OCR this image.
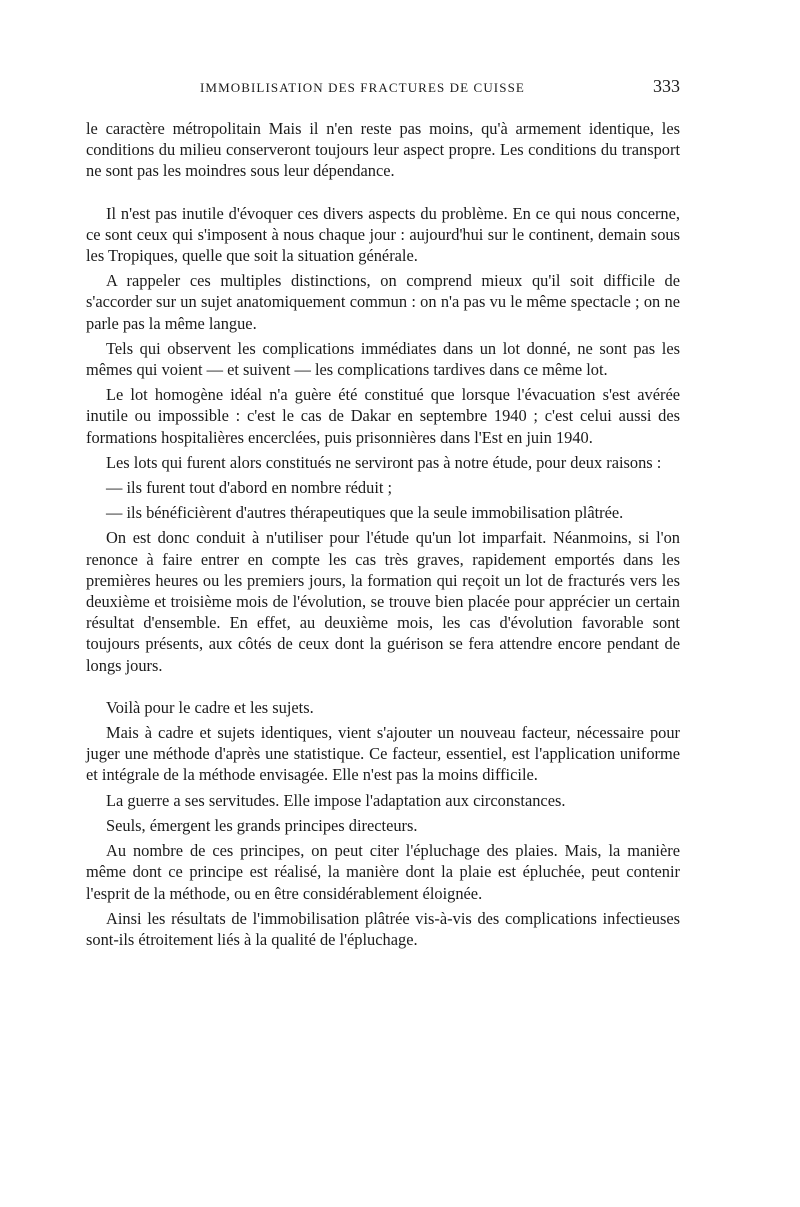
IMMOBILISATION DES FRACTURES DE CUISSE	333

le caractère métropolitain Mais il n'en reste pas moins, qu'à armement identique, les conditions du milieu conserveront toujours leur aspect propre. Les conditions du transport ne sont pas les moindres sous leur dépendance.

Il n'est pas inutile d'évoquer ces divers aspects du problème. En ce qui nous concerne, ce sont ceux qui s'imposent à nous chaque jour : aujourd'hui sur le continent, demain sous les Tropiques, quelle que soit la situation générale.

A rappeler ces multiples distinctions, on comprend mieux qu'il soit difficile de s'accorder sur un sujet anatomiquement commun : on n'a pas vu le même spectacle ; on ne parle pas la même langue.

Tels qui observent les complications immédiates dans un lot donné, ne sont pas les mêmes qui voient — et suivent — les complications tardives dans ce même lot.

Le lot homogène idéal n'a guère été constitué que lorsque l'évacuation s'est avérée inutile ou impossible : c'est le cas de Dakar en septembre 1940 ; c'est celui aussi des formations hospitalières encerclées, puis prisonnières dans l'Est en juin 1940.

Les lots qui furent alors constitués ne serviront pas à notre étude, pour deux raisons :

— ils furent tout d'abord en nombre réduit ;

— ils bénéficièrent d'autres thérapeutiques que la seule immobilisation plâtrée.

On est donc conduit à n'utiliser pour l'étude qu'un lot imparfait. Néanmoins, si l'on renonce à faire entrer en compte les cas très graves, rapidement emportés dans les premières heures ou les premiers jours, la formation qui reçoit un lot de fracturés vers les deuxième et troisième mois de l'évolution, se trouve bien placée pour apprécier un certain résultat d'ensemble. En effet, au deuxième mois, les cas d'évolution favorable sont toujours présents, aux côtés de ceux dont la guérison se fera attendre encore pendant de longs jours.

Voilà pour le cadre et les sujets.

Mais à cadre et sujets identiques, vient s'ajouter un nouveau facteur, nécessaire pour juger une méthode d'après une statistique. Ce facteur, essentiel, est l'application uniforme et intégrale de la méthode envisagée. Elle n'est pas la moins difficile.

La guerre a ses servitudes. Elle impose l'adaptation aux circonstances.

Seuls, émergent les grands principes directeurs.

Au nombre de ces principes, on peut citer l'épluchage des plaies. Mais, la manière même dont ce principe est réalisé, la manière dont la plaie est épluchée, peut contenir l'esprit de la méthode, ou en être considérablement éloignée.

Ainsi les résultats de l'immobilisation plâtrée vis-à-vis des complications infectieuses sont-ils étroitement liés à la qualité de l'épluchage.
